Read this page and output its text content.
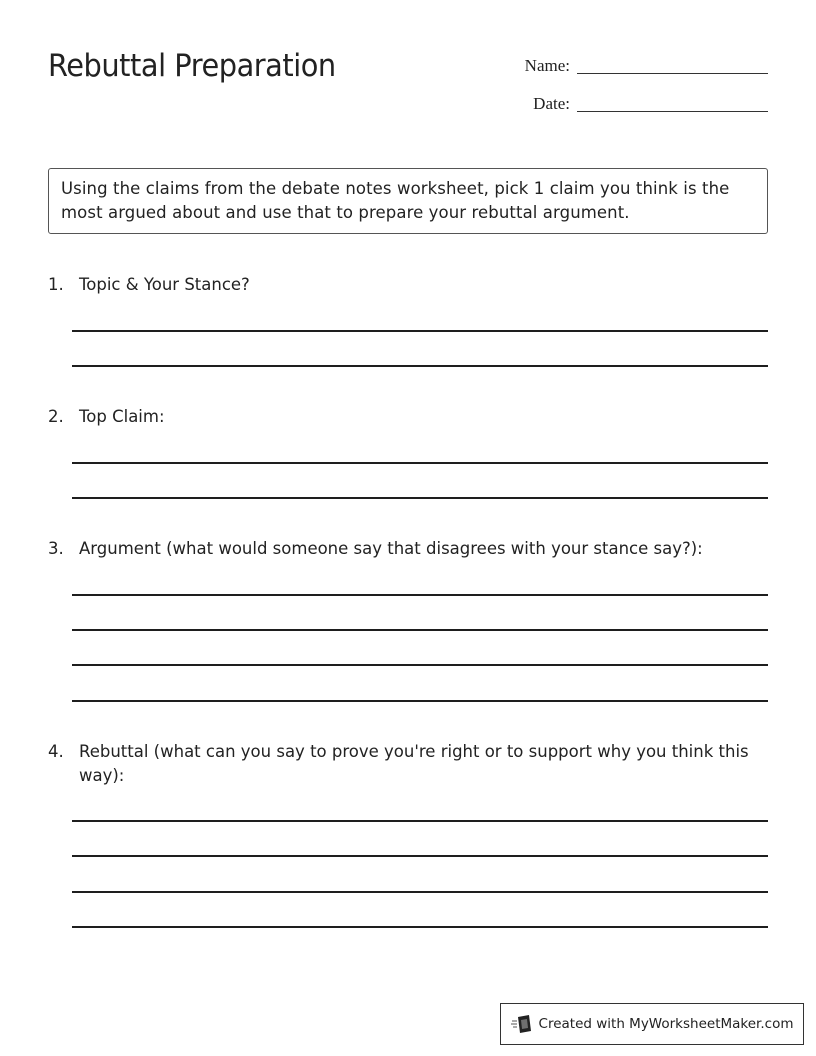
Rebuttal Preparation	Name:
Date:
Using the claims from the debate notes worksheet, pick 1 claim you think is the most argued about and use that to prepare your rebuttal argument.
1. Topic & Your Stance?
2. Top Claim:
3. Argument (what would someone say that disagrees with your stance say?):
4. Rebuttal (what can you say to prove you're right or to support why you think this way):
Created with MyWorksheetMaker.com
